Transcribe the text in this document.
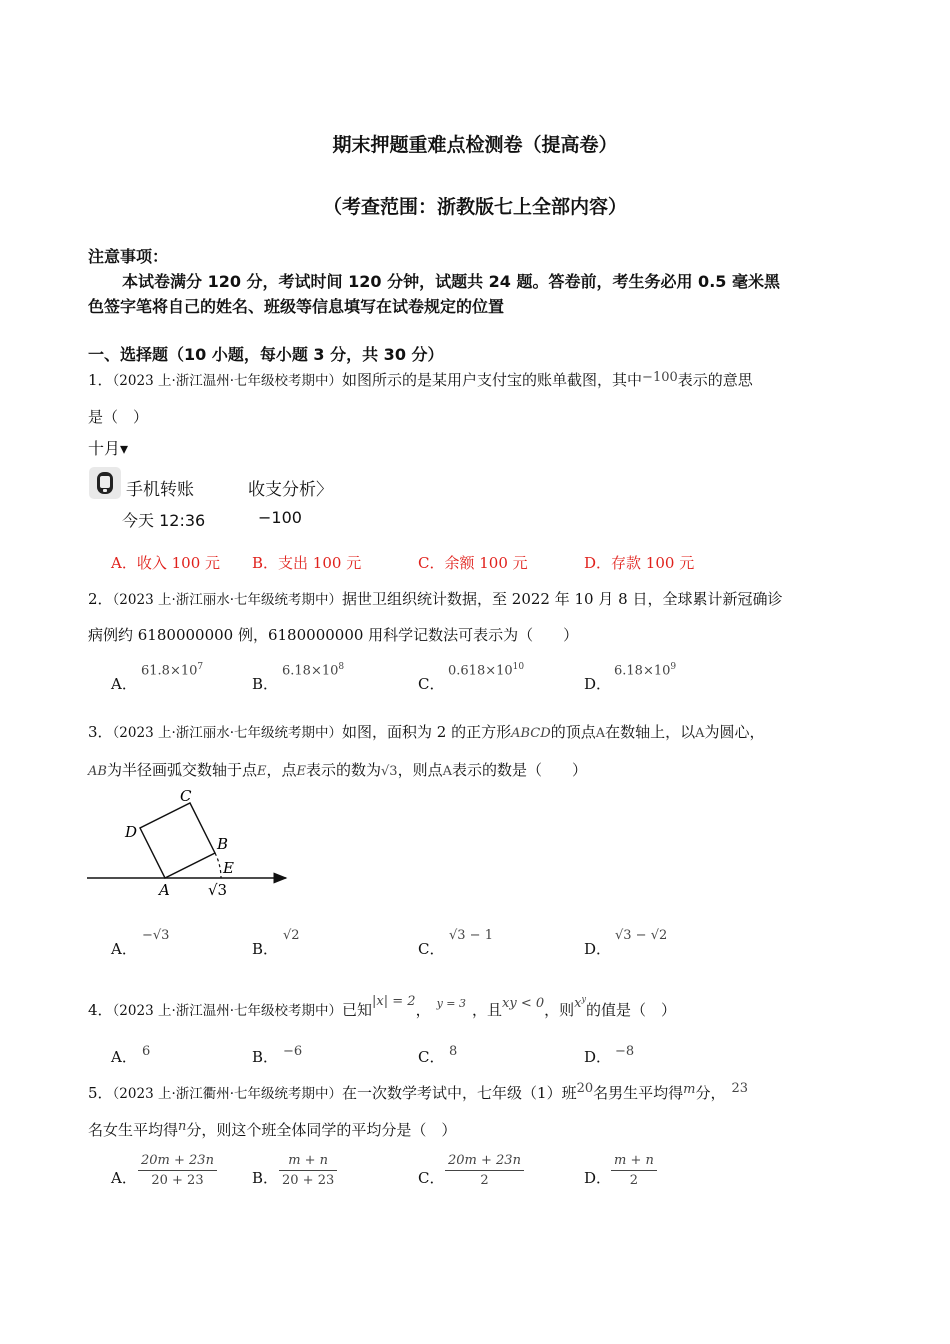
期末押题重难点检测卷（提高卷）
（考查范围：浙教版七上全部内容）
注意事项：
本试卷满分 120 分，考试时间 120 分钟，试题共 24 题。答卷前，考生务必用 0.5 毫米黑
色签字笔将自己的姓名、班级等信息填写在试卷规定的位置
一、选择题（10 小题，每小题 3 分，共 30 分）
1．（2023 上·浙江温州·七年级校考期中）如图所示的是某用户支付宝的账单截图，其中−100表示的意思
是（　）
十月▾
手机转账	收支分析〉
今天 12:36	−100
A．收入 100 元 B．支出 100 元	C．余额 100 元	D．存款 100 元
2．（2023 上·浙江丽水·七年级统考期中）据世卫组织统计数据，至 2022 年 10 月 8 日，全球累计新冠确诊
病例约 6180000000 例，6180000000 用科学记数法可表示为（　　）
A．
$61.8\times 10^7$
B．
$6.18\times 10^8$
C．
$0.618\times 10^{10}$
D．
$6.18\times 10^9$
3．（2023 上·浙江丽水·七年级统考期中）如图，面积为 2 的正方形ABCD的顶点A在数轴上，以A为圆心，
AB为半径画弧交数轴于点E，点E表示的数为√3，则点A表示的数是（　　）
A
B
C
D
E
√3
A．
−√3
B．
√2
C．
√3 − 1
D．
√3 − √2
4．（2023 上·浙江温州·七年级校考期中）已知|x| = 2， $^{y = 3}$ ，且xy < 0，则$x^y$的值是（　）
A． 6	B． −6	C． 8	D． −8
5．（2023 上·浙江衢州·七年级统考期中）在一次数学考试中，七年级（1）班20名男生平均得m分， 23
名女生平均得n分，则这个班全体同学的平均分是（　）
A． $\frac{20m + 23n}{20 + 23}$ B． $\frac{m + n}{20 + 23}$	C． $\frac{20m + 23n}{2}$	D． $\frac{m + n}{2}$
